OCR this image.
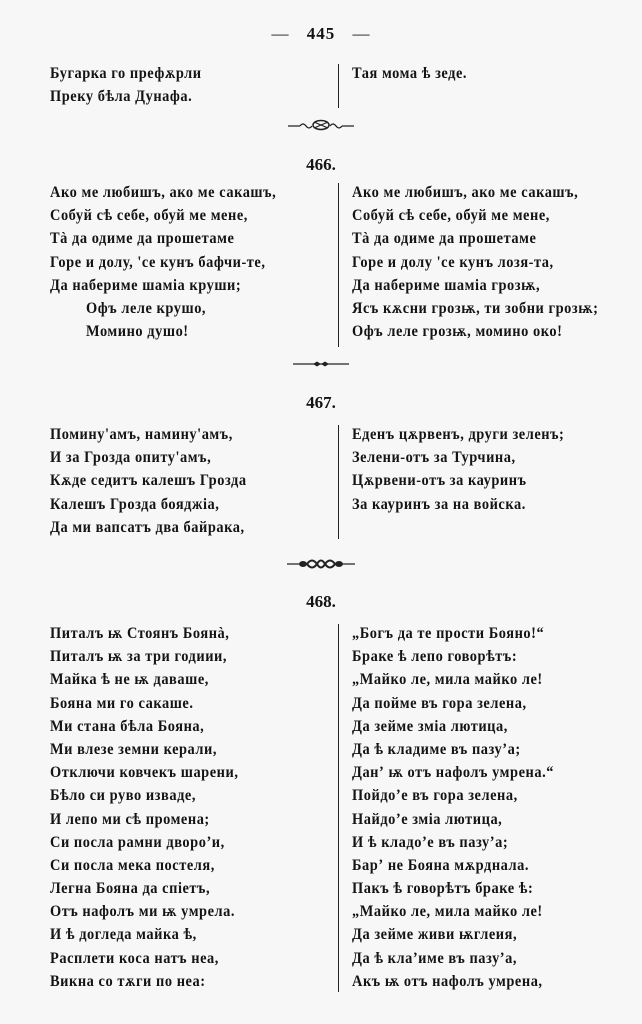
— 445 —
Бугарка го префѫрли
Преку бѣла Дунафа.
Тая мома ѣ зеде.
466.
Ако ме любишъ, ако ме сакашъ,
Собуй сѣ себе, обуй ме мене,
Tà да одиме да прошетаме
Горе и долу, 'се кунъ бафчи-те,
Да набериме шаміа круши;
Офъ леле крушо,
Момино душо!
Ако ме любишъ, ако ме сакашъ,
Собуй сѣ себе, обуй ме мене,
Tà да одиме да прошетаме
Горе и долу 'се кунъ лозя-та,
Да набериме шаміа грозѭ,
Ясъ кѫсни грозѭ, ти зобни грозѭ;
Офъ леле грозѭ, момино око!
467.
Помину'амъ, намину'амъ,
И за Грозда опиту'амъ,
Кѫде седитъ калешъ Грозда
Калешъ Грозда бояджіа,
Да ми вапсатъ два байрака,
Еденъ цѫрвенъ, други зеленъ;
Зелени-отъ за Турчина,
Цѫрвени-отъ за кауринъ
За кауринъ за на войска.
468.
Питалъ ѭ Стоянъ Боянà,
Питалъ ѭ за три годиии,
Майка ѣ не ѭ даваше,
Бояна ми го сакаше.
Ми стана бѣла Бояна,
Ми влезе земни керали,
Отключи ковчекъ шарени,
Бѣло си руво изваде,
И лепо ми сѣ промена;
Си посла рамни двороʼи,
Си посла мека постеля,
Легна Бояна да спіетъ,
Отъ нафолъ ми ѭ умрела.
И ѣ догледа майка ѣ,
Расплети коса натъ неа,
Викна со тѫги по неа:
„Богъ да те прости Бояно!“
Браке ѣ лепо говорѣтъ:
„Майко ле, мила майко ле!
Да пойме въ гора зелена,
Да зейме зміа лютица,
Да ѣ кладиме въ пазуʼа;
Данʼ ѭ отъ нафолъ умрена.“
Пойдоʼе въ гора зелена,
Найдоʼе зміа лютица,
И ѣ кладоʼе въ пазуʼа;
Барʼ не Бояна мѫрднала.
Пакъ ѣ говорѣтъ браке ѣ:
„Майко ле, мила майко ле!
Да зейме живи ѭглеия,
Да ѣ клаʼиме въ пазуʼа,
Акъ ѭ отъ нафолъ умрена,
